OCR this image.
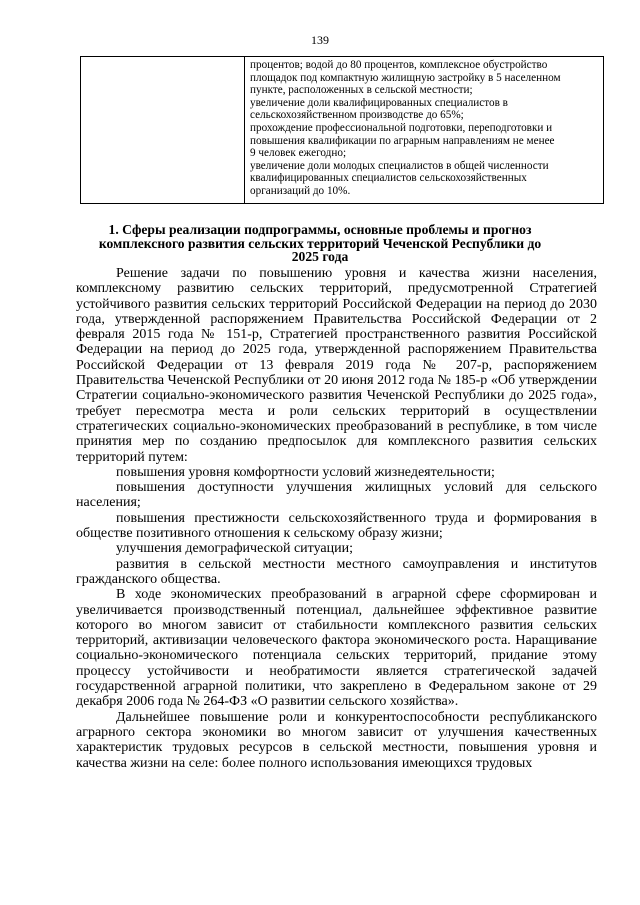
139
процентов; водой до 80 процентов, комплексное обустройство
площадок под компактную жилищную застройку в 5 населенном
пункте, расположенных в сельской местности;
увеличение доли квалифицированных специалистов в
сельскохозяйственном производстве до 65%;
прохождение профессиональной подготовки, переподготовки и
повышения квалификации по аграрным направлениям не менее
9 человек ежегодно;
увеличение доли молодых специалистов в общей численности
квалифицированных специалистов сельскохозяйственных
организаций до 10%.
1. Сферы реализации подпрограммы, основные проблемы и прогноз
комплексного развития сельских территорий Чеченской Республики до
2025 года

Решение задачи по повышению уровня и качества жизни населения, комплексному развитию сельских территорий, предусмотренной Стратегией устойчивого развития сельских территорий Российской Федерации на период до 2030 года, утвержденной распоряжением Правительства Российской Федерации от 2 февраля 2015 года № 151-р, Стратегией пространственного развития Российской Федерации на период до 2025 года, утвержденной распоряжением Правительства Российской Федерации от 13 февраля 2019 года № 207-р, распоряжением Правительства Чеченской Республики от 20 июня 2012 года № 185-р «Об утверждении Стратегии социально-экономического развития Чеченской Республики до 2025 года», требует пересмотра места и роли сельских территорий в осуществлении стратегических социально-экономических преобразований в республике, в том числе принятия мер по созданию предпосылок для комплексного развития сельских территорий путем:

повышения уровня комфортности условий жизнедеятельности;

повышения доступности улучшения жилищных условий для сельского населения;

повышения престижности сельскохозяйственного труда и формирования в обществе позитивного отношения к сельскому образу жизни;

улучшения демографической ситуации;

развития в сельской местности местного самоуправления и институтов гражданского общества.

В ходе экономических преобразований в аграрной сфере сформирован и увеличивается производственный потенциал, дальнейшее эффективное развитие которого во многом зависит от стабильности комплексного развития сельских территорий, активизации человеческого фактора экономического роста. Наращивание социально-экономического потенциала сельских территорий, придание этому процессу устойчивости и необратимости является стратегической задачей государственной аграрной политики, что закреплено в Федеральном законе от 29 декабря 2006 года № 264-ФЗ «О развитии сельского хозяйства».

Дальнейшее повышение роли и конкурентоспособности республиканского аграрного сектора экономики во многом зависит от улучшения качественных характеристик трудовых ресурсов в сельской местности, повышения уровня и качества жизни на селе: более полного использования имеющихся трудовых
